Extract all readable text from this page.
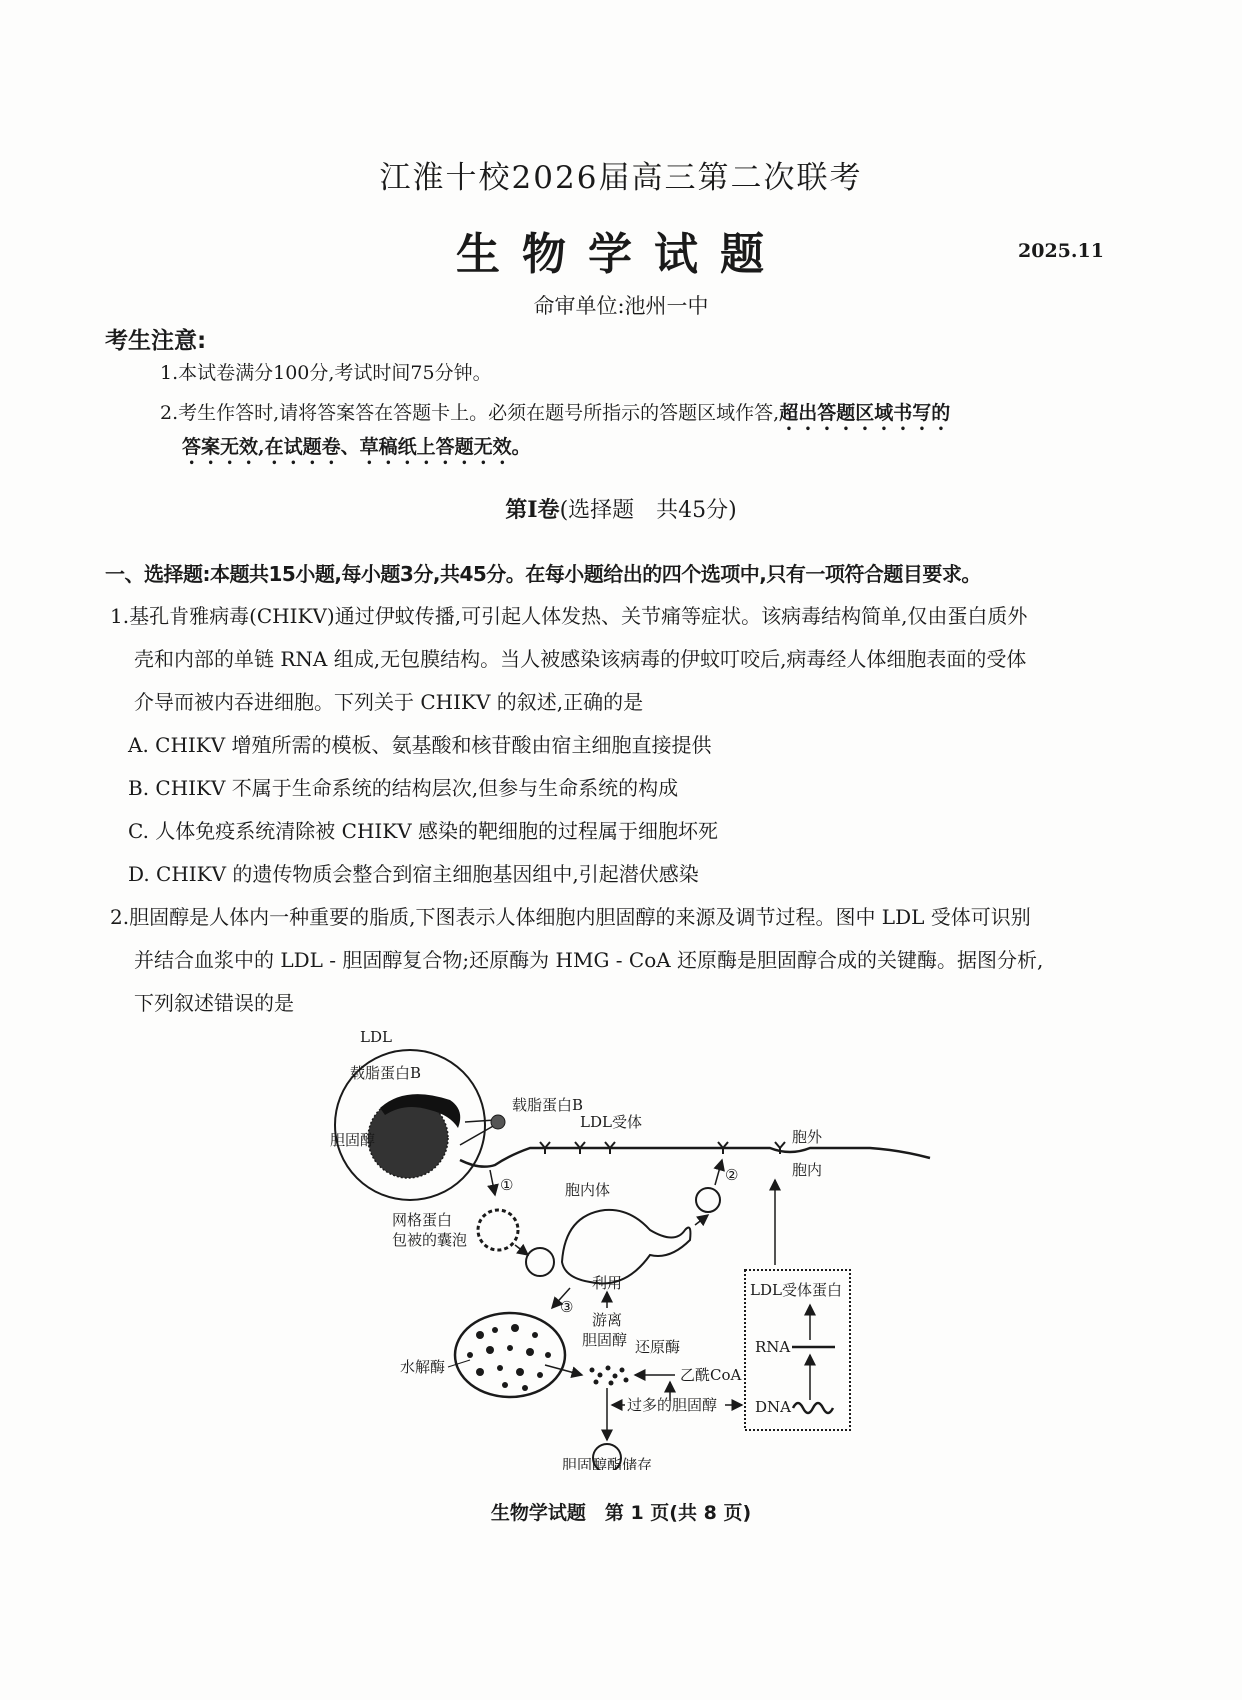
江淮十校2026届高三第二次联考
生物学试题	2025.11
命审单位:池州一中
考生注意:
1.本试卷满分100分,考试时间75分钟。
2.考生作答时,请将答案答在答题卡上。必须在题号所指示的答题区域作答,超出答题区域书写的
答案无效,在试题卷、草稿纸上答题无效。
第Ⅰ卷(选择题　共45分)
一、选择题:本题共15小题,每小题3分,共45分。在每小题给出的四个选项中,只有一项符合题目要求。
1.基孔肯雅病毒(CHIKV)通过伊蚊传播,可引起人体发热、关节痛等症状。该病毒结构简单,仅由蛋白质外
壳和内部的单链 RNA 组成,无包膜结构。当人被感染该病毒的伊蚊叮咬后,病毒经人体细胞表面的受体
介导而被内吞进细胞。下列关于 CHIKV 的叙述,正确的是
A. CHIKV 增殖所需的模板、氨基酸和核苷酸由宿主细胞直接提供
B. CHIKV 不属于生命系统的结构层次,但参与生命系统的构成
C. 人体免疫系统清除被 CHIKV 感染的靶细胞的过程属于细胞坏死
D. CHIKV 的遗传物质会整合到宿主细胞基因组中,引起潜伏感染
2.胆固醇是人体内一种重要的脂质,下图表示人体细胞内胆固醇的来源及调节过程。图中 LDL 受体可识别
并结合血浆中的 LDL - 胆固醇复合物;还原酶为 HMG - CoA 还原酶是胆固醇合成的关键酶。据图分析,
下列叙述错误的是
LDL
载脂蛋白B
胆固醇
载脂蛋白B
LDL受体
胞外
胞内
①
网格蛋白
包被的囊泡
胞内体
②
③
水解酶
利用
游离
胆固醇 还原酶
乙酰CoA
过多的胆固醇
胆固醇酯储存
LDL受体蛋白
RNA
DNA
生物学试题　第 1 页(共 8 页)
